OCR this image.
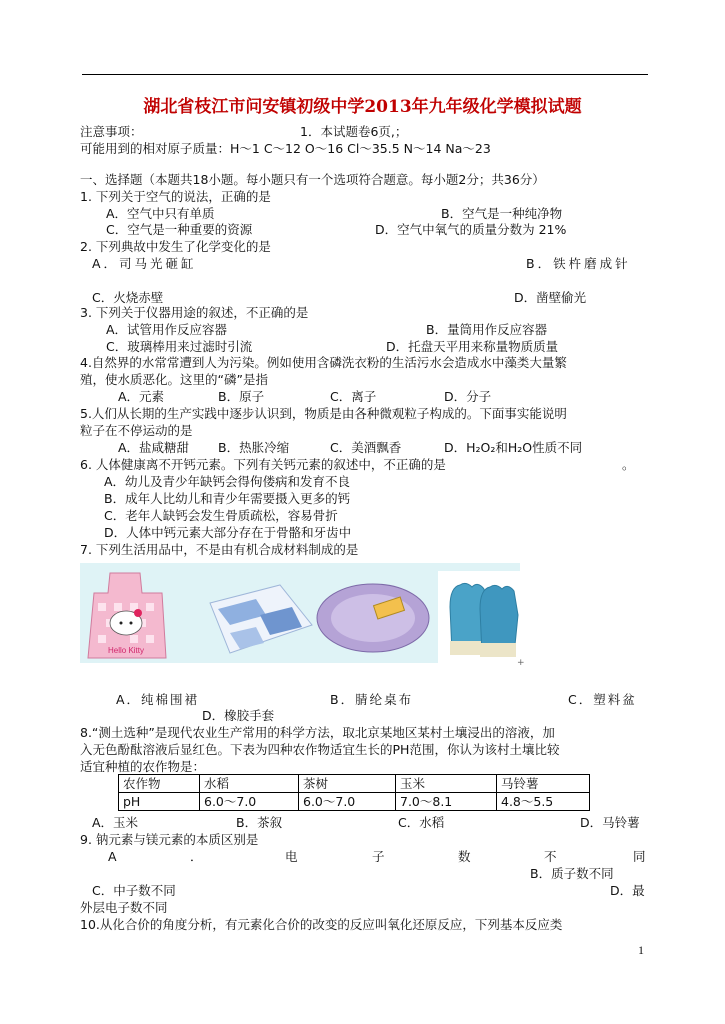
湖北省枝江市问安镇初级中学2013年九年级化学模拟试题
注意事项：	1．本试题卷6页,；
可能用到的相对原子质量：H～1 C～12 O～16 Cl～35.5 N～14 Na～23
一、选择题（本题共18小题。每小题只有一个选项符合题意。每小题2分；共36分）
1. 下列关于空气的说法，正确的是
A．空气中只有单质	B．空气是一种纯净物
C．空气是一种重要的资源	D．空气中氧气的质量分数为 21%
2. 下列典故中发生了化学变化的是
A．司马光砸缸	B．铁杵磨成针
C．火烧赤壁	D．凿壁偷光
3. 下列关于仪器用途的叙述，不正确的是
A．试管用作反应容器	B．量筒用作反应容器
C．玻璃棒用来过滤时引流	D．托盘天平用来称量物质质量
4.自然界的水常常遭到人为污染。例如使用含磷洗衣粉的生活污水会造成水中藻类大量繁
殖，使水质恶化。这里的“磷”是指
A．元素	B．原子	C．离子	D．分子
5.人们从长期的生产实践中逐步认识到，物质是由各种微观粒子构成的。下面事实能说明
粒子在不停运动的是
A．盐咸糖甜 B．热胀冷缩	C．美酒飘香	D．H₂O₂和H₂O性质不同
6. 人体健康离不开钙元素。下列有关钙元素的叙述中，不正确的是	。
A．幼儿及青少年缺钙会得佝偻病和发育不良
B．成年人比幼儿和青少年需要摄入更多的钙
C．老年人缺钙会发生骨质疏松，容易骨折
D．人体中钙元素大部分存在于骨骼和牙齿中
7. 下列生活用品中，不是由有机合成材料制成的是
Hello Kitty
+
A．纯棉围裙	B．腈纶桌布	C．塑料盆
D．橡胶手套
8.“测土选种”是现代农业生产常用的科学方法，取北京某地区某村土壤浸出的溶液，加
入无色酚酞溶液后显红色。下表为四种农作物适宜生长的PH范围，你认为该村土壤比较
适宜种植的农作物是：
农作物	水稻	茶树	玉米	马铃薯
pH	6.0～7.0	6.0～7.0	7.0～8.1	4.8～5.5
A．玉米	B．茶叙	C．水稻	D．马铃薯
9. 钠元素与镁元素的本质区别是
A	．	电	子	数	不	同
B．质子数不同
C．中子数不同	D．最
外层电子数不同
10.从化合价的角度分析，有元素化合价的改变的反应叫氧化还原反应，下列基本反应类
1
